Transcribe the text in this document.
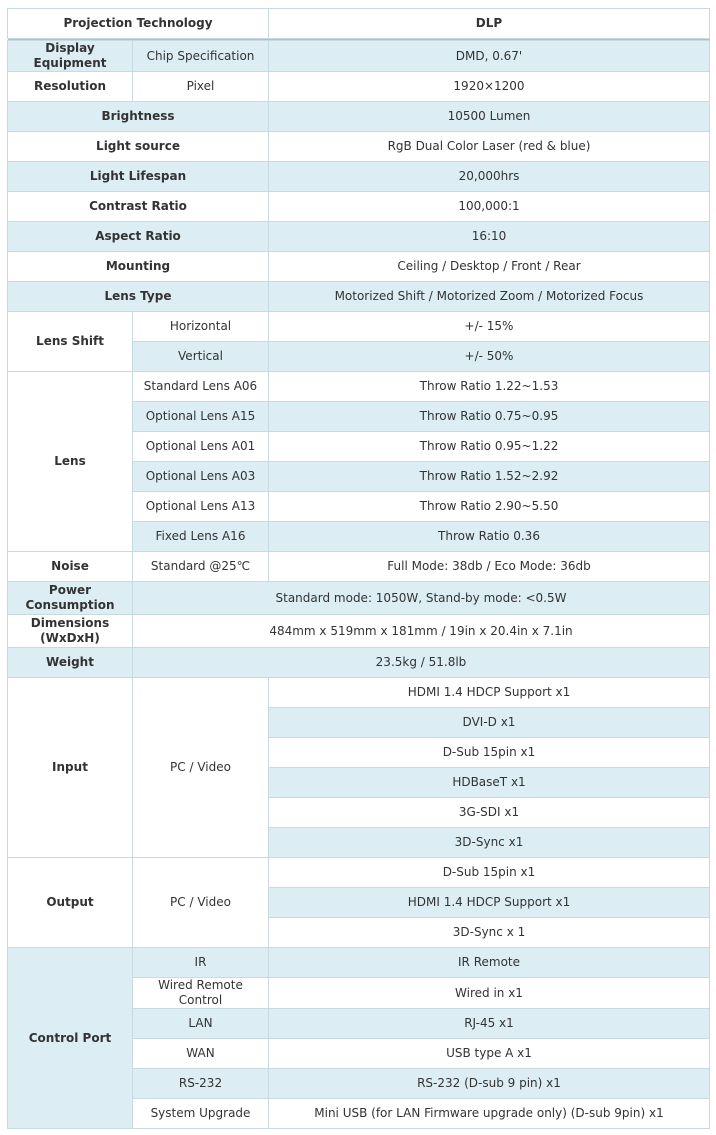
Projection Technology		DLP

Display Equipment	Chip Specification	DMD, 0.67'
Resolution	Pixel	1920×1200
Brightness		10500 Lumen
Light source		RgB Dual Color Laser (red & blue)
Light Lifespan		20,000hrs
Contrast Ratio		100,000:1
Aspect Ratio		16:10
Mounting		Ceiling / Desktop / Front / Rear
Lens Type		Motorized Shift / Motorized Zoom / Motorized Focus
Lens Shift	Horizontal	+/- 15%
	Vertical	+/- 50%
Lens	Standard Lens A06	Throw Ratio 1.22~1.53
	Optional Lens A15	Throw Ratio 0.75~0.95
	Optional Lens A01	Throw Ratio 0.95~1.22
	Optional Lens A03	Throw Ratio 1.52~2.92
	Optional Lens A13	Throw Ratio 2.90~5.50
	Fixed Lens A16	Throw Ratio 0.36
Noise	Standard @25℃	Full Mode: 38db / Eco Mode: 36db
Power Consumption	Standard mode: 1050W, Stand-by mode: <0.5W	
Dimensions (WxDxH)	484mm x 519mm x 181mm / 19in x 20.4in x 7.1in	
Weight	23.5kg / 51.8lb	
Input	PC / Video	HDMI 1.4 HDCP Support x1
		DVI-D x1
		D-Sub 15pin x1
		HDBaseT x1
		3G-SDI x1
		3D-Sync x1
Output	PC / Video	D-Sub 15pin x1
		HDMI 1.4 HDCP Support x1
		3D-Sync x 1
Control Port	IR	IR Remote
	Wired Remote Control	Wired in x1
	LAN	RJ-45 x1
	WAN	USB type A x1
	RS-232	RS-232 (D-sub 9 pin) x1
	System Upgrade	Mini USB (for LAN Firmware upgrade only) (D-sub 9pin) x1
